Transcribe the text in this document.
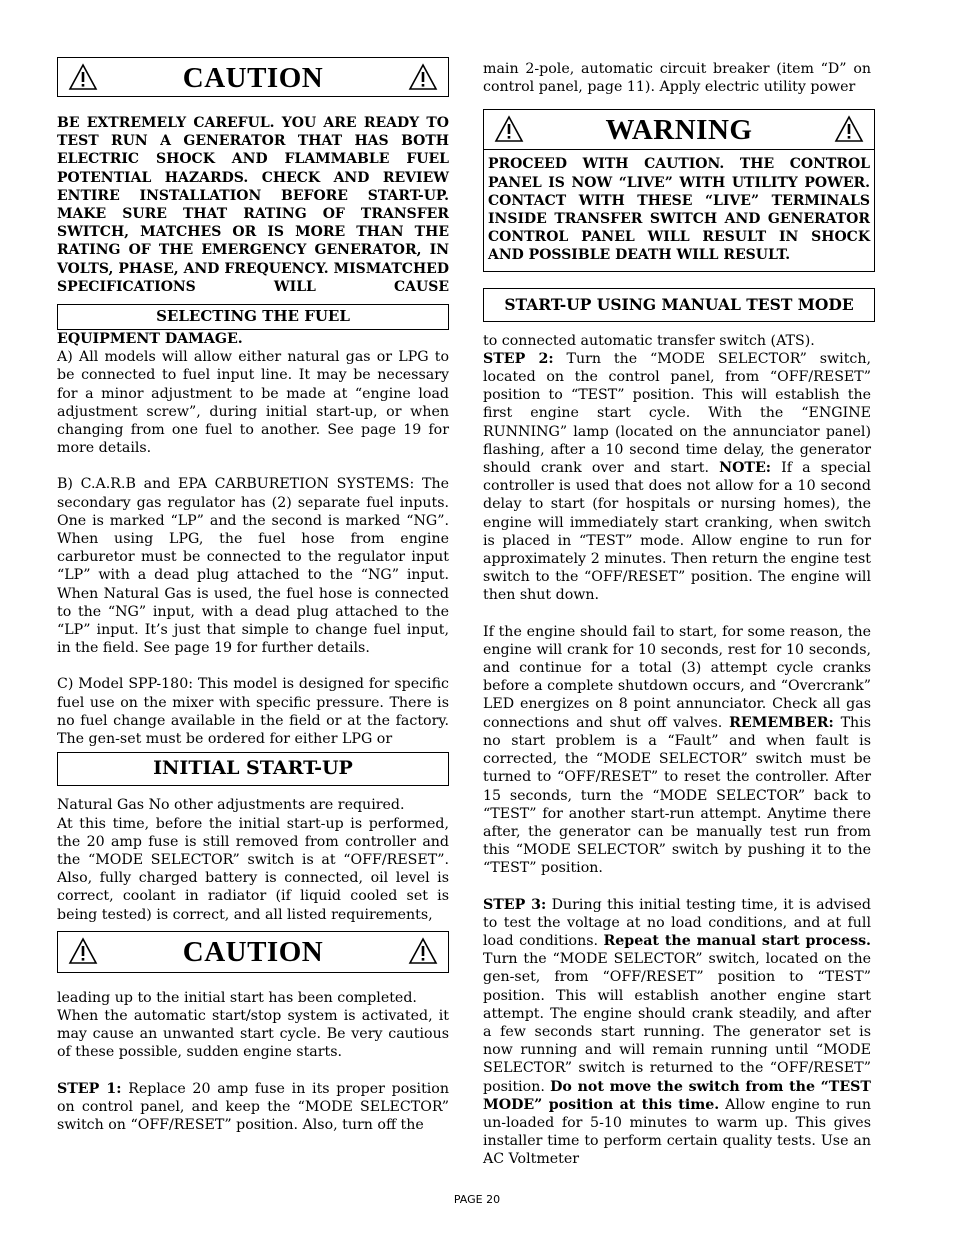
CAUTION

BE EXTREMELY CAREFUL. YOU ARE READY TO TEST RUN A GENERATOR THAT HAS BOTH ELECTRIC SHOCK AND FLAMMABLE FUEL POTENTIAL HAZARDS. CHECK AND REVIEW ENTIRE INSTALLATION BEFORE START-UP. MAKE SURE THAT RATING OF TRANSFER SWITCH, MATCHES OR IS MORE THAN THE RATING OF THE EMERGENCY GENERATOR, IN VOLTS, PHASE, AND FREQUENCY. MISMATCHED SPECIFICATIONS WILL CAUSE

SELECTING THE FUEL

EQUIPMENT DAMAGE.

A) All models will allow either natural gas or LPG to be connected to fuel input line. It may be necessary for a minor adjustment to be made at “engine load adjustment screw”, during initial start-up, or when changing from one fuel to another. See page 19 for more details.

B) C.A.R.B and EPA CARBURETION SYSTEMS: The secondary gas regulator has (2) separate fuel inputs. One is marked “LP” and the second is marked “NG”. When using LPG, the fuel hose from engine carburetor must be connected to the regulator input “LP” with a dead plug attached to the “NG” input. When Natural Gas is used, the fuel hose is connected to the “NG” input, with a dead plug attached to the “LP” input. It’s just that simple to change fuel input, in the field. See page 19 for further details.

C) Model SPP-180: This model is designed for specific fuel use on the mixer with specific pressure. There is no fuel change available in the field or at the factory. The gen-set must be ordered for either LPG or

INITIAL START-UP

Natural Gas No other adjustments are required.

At this time, before the initial start-up is performed, the 20 amp fuse is still removed from controller and the “MODE SELECTOR” switch is at “OFF/RESET”. Also, fully charged battery is connected, oil level is correct, coolant in radiator (if liquid cooled set is being tested) is correct, and all listed requirements,

CAUTION

leading up to the initial start has been completed.

When the automatic start/stop system is activated, it may cause an unwanted start cycle. Be very cautious of these possible, sudden engine starts.

STEP 1: Replace 20 amp fuse in its proper position on control panel, and keep the “MODE SELECTOR” switch on “OFF/RESET” position. Also, turn off the

main 2-pole, automatic circuit breaker (item “D” on control panel, page 11). Apply electric utility power

WARNING

PROCEED WITH CAUTION. THE CONTROL PANEL IS NOW “LIVE” WITH UTILITY POWER. CONTACT WITH THESE “LIVE” TERMINALS INSIDE TRANSFER SWITCH AND GENERATOR CONTROL PANEL WILL RESULT IN SHOCK AND POSSIBLE DEATH WILL RESULT.

START-UP USING MANUAL TEST MODE

to connected automatic transfer switch (ATS).

STEP 2: Turn the “MODE SELECTOR” switch, located on the control panel, from “OFF/RESET” position to “TEST” position. This will establish the first engine start cycle. With the “ENGINE RUNNING” lamp (located on the annunciator panel) flashing, after a 10 second time delay, the generator should crank over and start. NOTE: If a special controller is used that does not allow for a 10 second delay to start (for hospitals or nursing homes), the engine will immediately start cranking, when switch is placed in “TEST” mode. Allow engine to run for approximately 2 minutes. Then return the engine test switch to the “OFF/RESET” position. The engine will then shut down.

If the engine should fail to start, for some reason, the engine will crank for 10 seconds, rest for 10 seconds, and continue for a total (3) attempt cycle cranks before a complete shutdown occurs, and “Overcrank” LED energizes on 8 point annunciator. Check all gas connections and shut off valves. REMEMBER: This no start problem is a “Fault” and when fault is corrected, the “MODE SELECTOR” switch must be turned to “OFF/RESET” to reset the controller. After 15 seconds, turn the “MODE SELECTOR” back to “TEST” for another start-run attempt. Anytime there after, the generator can be manually test run from this “MODE SELECTOR” switch by pushing it to the “TEST” position.

STEP 3: During this initial testing time, it is advised to test the voltage at no load conditions, and at full load conditions. Repeat the manual start process. Turn the “MODE SELECTOR” switch, located on the gen-set, from “OFF/RESET” position to “TEST” position. This will establish another engine start attempt. The engine should crank steadily, and after a few seconds start running. The generator set is now running and will remain running until “MODE SELECTOR” switch is returned to the “OFF/RESET” position. Do not move the switch from the “TEST MODE” position at this time. Allow engine to run un-loaded for 5-10 minutes to warm up. This gives installer time to perform certain quality tests. Use an AC Voltmeter

PAGE 20
